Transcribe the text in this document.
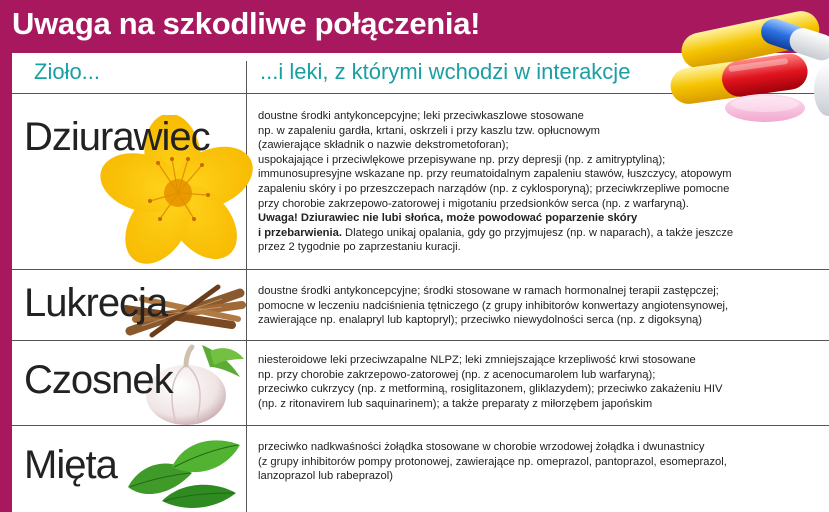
Uwaga na szkodliwe połączenia!
Zioło...	...i leki, z którymi wchodzi w interakcje
Dziurawiec	doustne środki antykoncepcyjne; leki przeciwkaszlowe stosowane
np. w zapaleniu gardła, krtani, oskrzeli i przy kaszlu tzw. opłucnowym
(zawierające składnik o nazwie dekstrometoforan);
uspokajające i przeciwlękowe przepisywane np. przy depresji (np. z amitryptyliną);
immunosupresyjne wskazane np. przy reumatoidalnym zapaleniu stawów, łuszczycy, atopowym
zapaleniu skóry i po przeszczepach narządów (np. z cyklosporyną); przeciwkrzepliwe pomocne
przy chorobie zakrzepowo-zatorowej i migotaniu przedsionków serca (np. z warfaryną).
Uwaga! Dziurawiec nie lubi słońca, może powodować poparzenie skóry
i przebarwienia. Dlatego unikaj opalania, gdy go przyjmujesz (np. w naparach), a także jeszcze
przez 2 tygodnie po zaprzestaniu kuracji.
Lukrecja	doustne środki antykoncepcyjne; środki stosowane w ramach hormonalnej terapii zastępczej;
pomocne w leczeniu nadciśnienia tętniczego (z grupy inhibitorów konwertazy angiotensynowej,
zawierające np. enalapryl lub kaptopryl); przeciwko niewydolności serca (np. z digoksyną)
Czosnek	niesteroidowe leki przeciwzapalne NLPZ; leki zmniejszające krzepliwość krwi stosowane
np. przy chorobie zakrzepowo-zatorowej (np. z acenocumarolem lub warfaryną);
przeciwko cukrzycy (np. z metforminą, rosiglitazonem, gliklazydem); przeciwko zakażeniu HIV
(np. z ritonavirem lub saquinarinem); a także preparaty z miłorzębem japońskim
Mięta	przeciwko nadkwaśności żołądka stosowane w chorobie wrzodowej żołądka i dwunastnicy
(z grupy inhibitorów pompy protonowej, zawierające np. omeprazol, pantoprazol, esomeprazol,
lanzoprazol lub rabeprazol)
